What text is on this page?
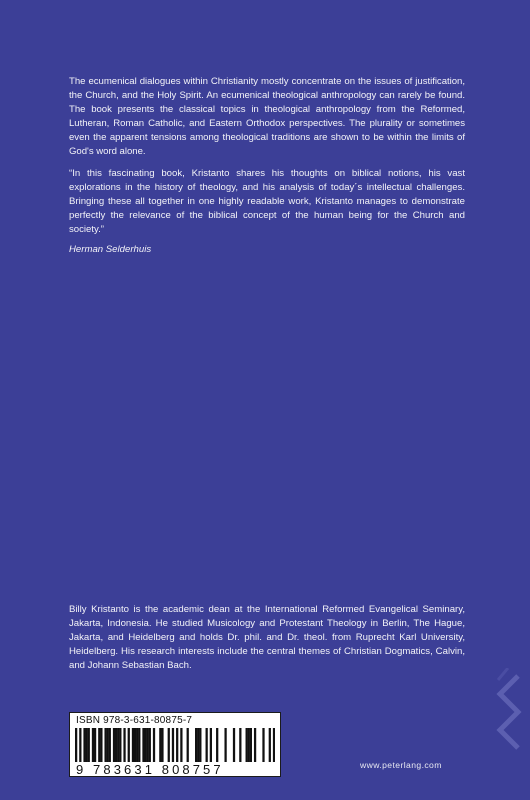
The ecumenical dialogues within Christianity mostly concentrate on the issues of justification, the Church, and the Holy Spirit. An ecumenical theological anthropology can rarely be found. The book presents the classical topics in theological anthropology from the Reformed, Lutheran, Roman Catholic, and Eastern Orthodox perspectives. The plurality or sometimes even the apparent tensions among theological traditions are shown to be within the limits of God's word alone.

“In this fascinating book, Kristanto shares his thoughts on biblical notions, his vast explorations in the history of theology, and his analysis of today´s intellectual challenges. Bringing these all together in one highly readable work, Kristanto manages to demonstrate perfectly the relevance of the biblical concept of the human being for the Church and society.”

Herman Selderhuis

Billy Kristanto is the academic dean at the International Reformed Evangelical Seminary, Jakarta, Indonesia. He studied Musicology and Protestant Theology in Berlin, The Hague, Jakarta, and Heidelberg and holds Dr. phil. and Dr. theol. from Ruprecht Karl University, Heidelberg. His research interests include the central themes of Christian Dogmatics, Calvin, and Johann Sebastian Bach.

ISBN 978-3-631-80875-7
9 783631 808757	www.peterlang.com
